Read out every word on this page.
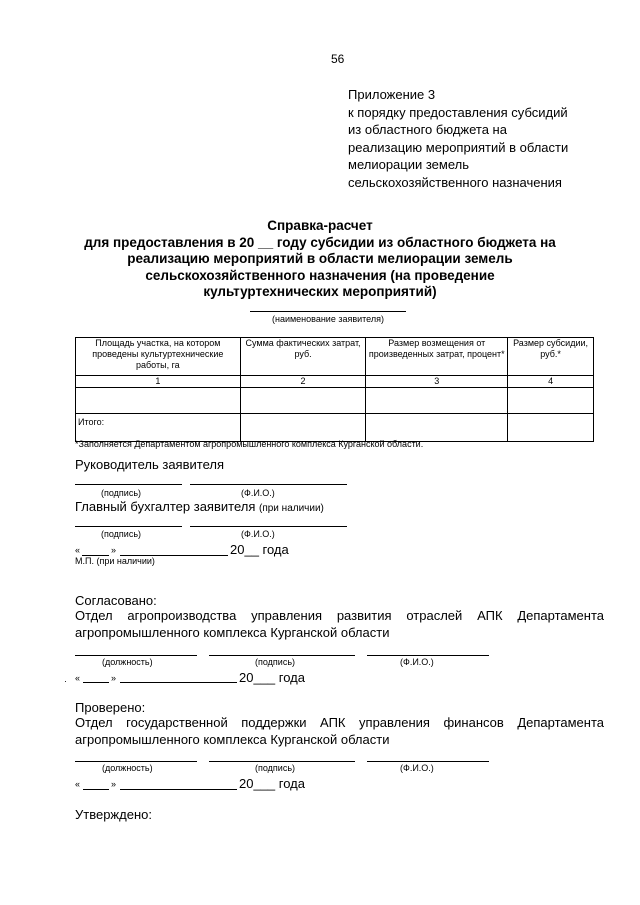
56
Приложение 3
к порядку предоставления субсидий
из областного бюджета на
реализацию мероприятий в области
мелиорации земель
сельскохозяйственного назначения
Справка-расчет
для предоставления в 20 __ году субсидии из областного бюджета на
реализацию мероприятий в области мелиорации земель
сельскохозяйственного назначения (на проведение
культуртехнических мероприятий)
(наименование заявителя)
Площадь участка, на котором проведены культуртехнические работы, га	Сумма фактических затрат, руб.	Размер возмещения от произведенных затрат, процент*	Размер субсидии, руб.*
1	2	3	4

Итого:			
*Заполняется Департаментом агропромышленного комплекса Курганской области.
Руководитель заявителя
(подпись)	(Ф.И.О.)
Главный бухгалтер заявителя (при наличии)
(подпись)	(Ф.И.О.)
«	»	20__ года
М.П. (при наличии)
Согласовано:
Отдел агропроизводства управления развития отраслей АПК Департамента
агропромышленного комплекса Курганской области
(должность)	(подпись)	(Ф.И.О.)
· «	»	20___ года
Проверено:
Отдел государственной поддержки АПК управления финансов Департамента
агропромышленного комплекса Курганской области
(должность)	(подпись)	(Ф.И.О.)
«	»	20___ года
Утверждено:
